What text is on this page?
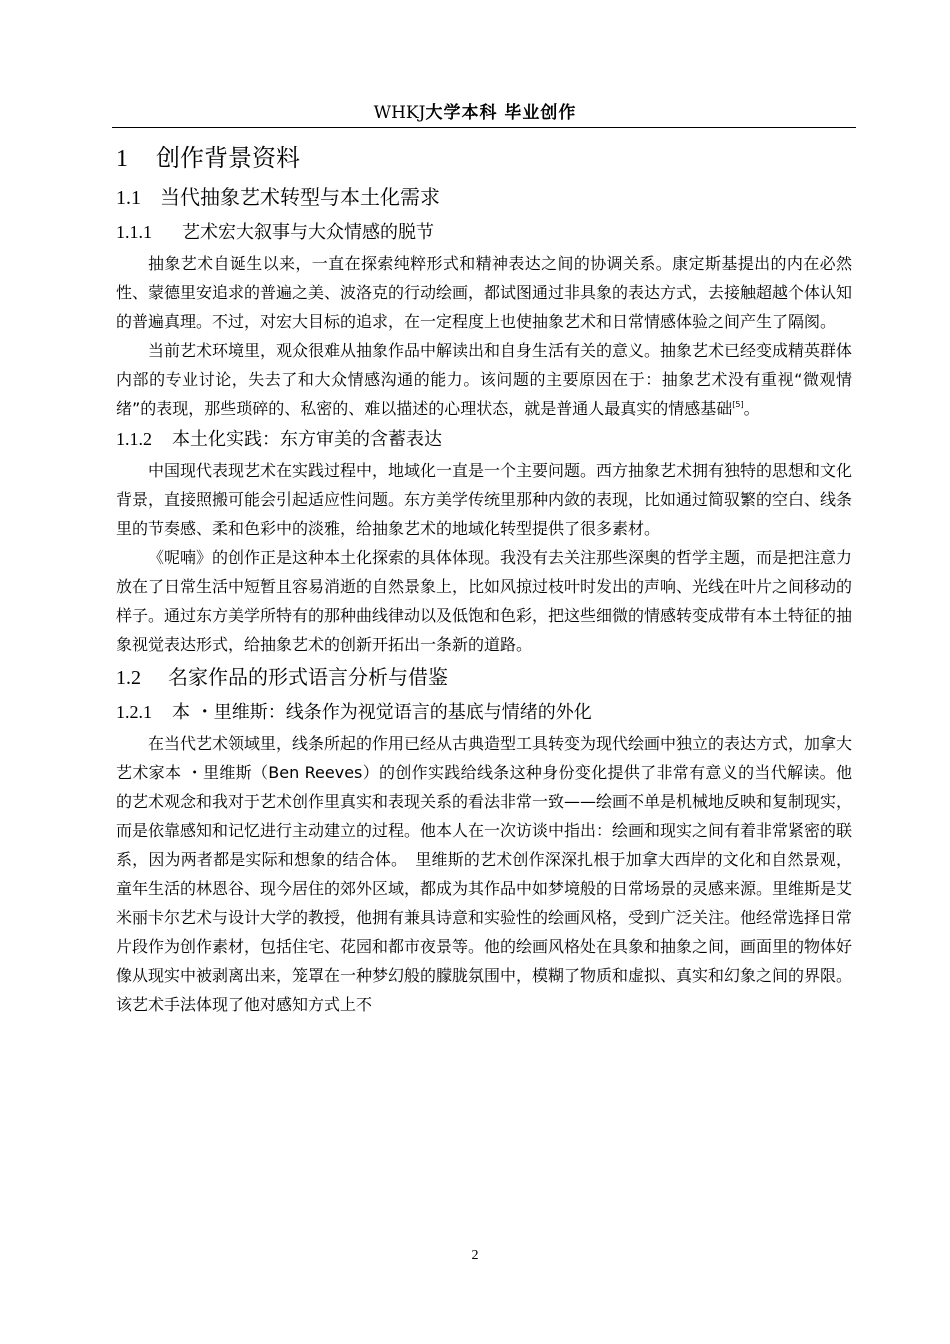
WHKJ大学本科 毕业创作
1 创作背景资料
1.1 当代抽象艺术转型与本土化需求
1.1.1 艺术宏大叙事与大众情感的脱节

抽象艺术自诞生以来，一直在探索纯粹形式和精神表达之间的协调关系。康定斯基提出的内在必然性、蒙德里安追求的普遍之美、波洛克的行动绘画，都试图通过非具象的表达方式，去接触超越个体认知的普遍真理。不过，对宏大目标的追求，在一定程度上也使抽象艺术和日常情感体验之间产生了隔阂。

当前艺术环境里，观众很难从抽象作品中解读出和自身生活有关的意义。抽象艺术已经变成精英群体内部的专业讨论，失去了和大众情感沟通的能力。该问题的主要原因在于：抽象艺术没有重视“微观情绪”的表现，那些琐碎的、私密的、难以描述的心理状态，就是普通人最真实的情感基础[5]。

1.1.2 本土化实践：东方审美的含蓄表达

中国现代表现艺术在实践过程中，地域化一直是一个主要问题。西方抽象艺术拥有独特的思想和文化背景，直接照搬可能会引起适应性问题。东方美学传统里那种内敛的表现，比如通过简驭繁的空白、线条里的节奏感、柔和色彩中的淡雅，给抽象艺术的地域化转型提供了很多素材。

《呢喃》的创作正是这种本土化探索的具体体现。我没有去关注那些深奥的哲学主题，而是把注意力放在了日常生活中短暂且容易消逝的自然景象上，比如风掠过枝叶时发出的声响、光线在叶片之间移动的样子。通过东方美学所特有的那种曲线律动以及低饱和色彩，把这些细微的情感转变成带有本土特征的抽象视觉表达形式，给抽象艺术的创新开拓出一条新的道路。

1.2 名家作品的形式语言分析与借鉴
1.2.1 本 ・里维斯：线条作为视觉语言的基底与情绪的外化

在当代艺术领域里，线条所起的作用已经从古典造型工具转变为现代绘画中独立的表达方式，加拿大艺术家本 ・里维斯（Ben Reeves）的创作实践给线条这种身份变化提供了非常有意义的当代解读。他的艺术观念和我对于艺术创作里真实和表现关系的看法非常一致——绘画不单是机械地反映和复制现实，而是依靠感知和记忆进行主动建立的过程。他本人在一次访谈中指出：绘画和现实之间有着非常紧密的联系，因为两者都是实际和想象的结合体。　里维斯的艺术创作深深扎根于加拿大西岸的文化和自然景观，童年生活的林恩谷、现今居住的郊外区域，都成为其作品中如梦境般的日常场景的灵感来源。里维斯是艾米丽卡尔艺术与设计大学的教授，他拥有兼具诗意和实验性的绘画风格，受到广泛关注。他经常选择日常片段作为创作素材，包括住宅、花园和都市夜景等。他的绘画风格处在具象和抽象之间，画面里的物体好像从现实中被剥离出来，笼罩在一种梦幻般的朦胧氛围中，模糊了物质和虚拟、真实和幻象之间的界限。该艺术手法体现了他对感知方式上不

2
